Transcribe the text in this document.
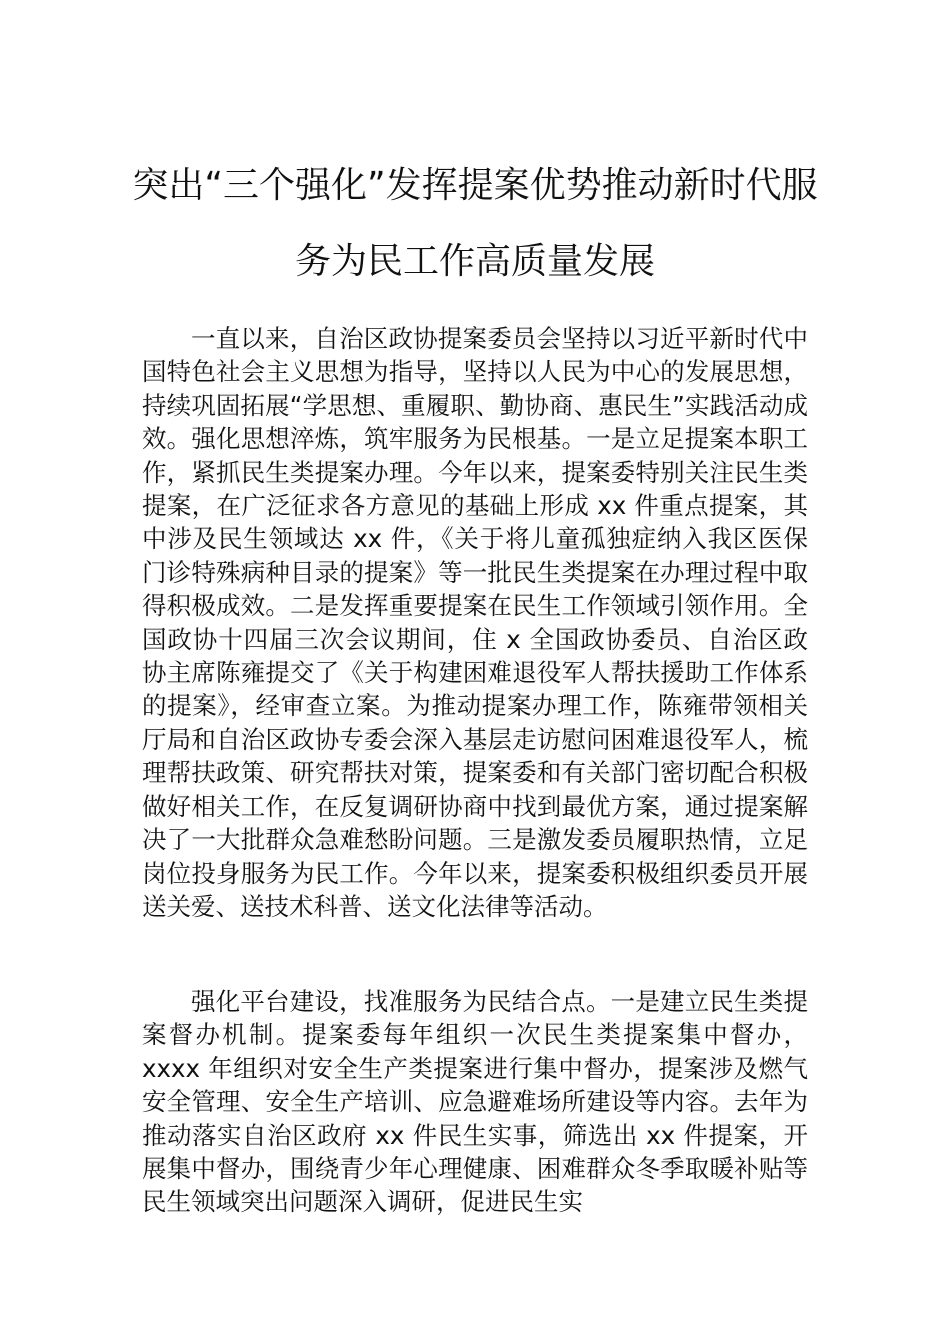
突出“三个强化”发挥提案优势推动新时代服
务为民工作高质量发展

一直以来，自治区政协提案委员会坚持以习近平新时代中国特色社会主义思想为指导，坚持以人民为中心的发展思想，持续巩固拓展“学思想、重履职、勤协商、惠民生”实践活动成效。强化思想淬炼，筑牢服务为民根基。一是立足提案本职工作，紧抓民生类提案办理。今年以来，提案委特别关注民生类提案，在广泛征求各方意见的基础上形成 xx 件重点提案，其中涉及民生领域达 xx 件，《关于将儿童孤独症纳入我区医保门诊特殊病种目录的提案》等一批民生类提案在办理过程中取得积极成效。二是发挥重要提案在民生工作领域引领作用。全国政协十四届三次会议期间，住 x 全国政协委员、自治区政协主席陈雍提交了《关于构建困难退役军人帮扶援助工作体系的提案》，经审查立案。为推动提案办理工作，陈雍带领相关厅局和自治区政协专委会深入基层走访慰问困难退役军人，梳理帮扶政策、研究帮扶对策，提案委和有关部门密切配合积极做好相关工作，在反复调研协商中找到最优方案，通过提案解决了一大批群众急难愁盼问题。三是激发委员履职热情，立足岗位投身服务为民工作。今年以来，提案委积极组织委员开展送关爱、送技术科普、送文化法律等活动。

强化平台建设，找准服务为民结合点。一是建立民生类提案督办机制。提案委每年组织一次民生类提案集中督办，xxxx 年组织对安全生产类提案进行集中督办，提案涉及燃气安全管理、安全生产培训、应急避难场所建设等内容。去年为推动落实自治区政府 xx 件民生实事，筛选出 xx 件提案，开展集中督办，围绕青少年心理健康、困难群众冬季取暖补贴等民生领域突出问题深入调研，促进民生实
